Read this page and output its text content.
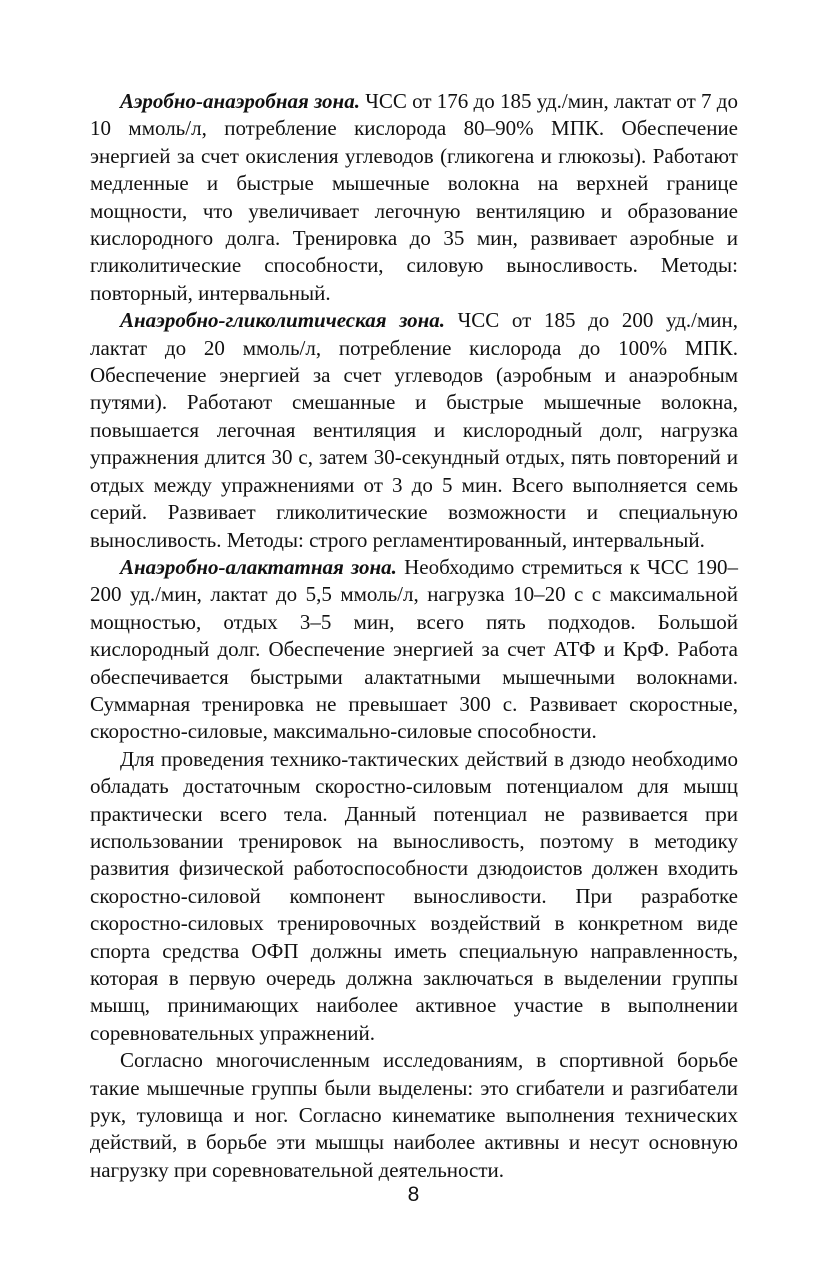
Аэробно-анаэробная зона. ЧСС от 176 до 185 уд./мин, лактат от 7 до 10 ммоль/л, потребление кислорода 80–90% МПК. Обеспечение энергией за счет окисления углеводов (гликогена и глюкозы). Работают медленные и быстрые мышечные волокна на верхней границе мощности, что увеличивает легочную вентиляцию и образование кислородного долга. Тренировка до 35 мин, развивает аэробные и гликолитические способности, силовую выносливость. Методы: повторный, интервальный.

Анаэробно-гликолитическая зона. ЧСС от 185 до 200 уд./мин, лактат до 20 ммоль/л, потребление кислорода до 100% МПК. Обеспечение энергией за счет углеводов (аэробным и анаэробным путями). Работают смешанные и быстрые мышечные волокна, повышается легочная вентиляция и кислородный долг, нагрузка упражнения длится 30 с, затем 30-секундный отдых, пять повторений и отдых между упражнениями от 3 до 5 мин. Всего выполняется семь серий. Развивает гликолитические возможности и специальную выносливость. Методы: строго регламентированный, интервальный.

Анаэробно-алактатная зона. Необходимо стремиться к ЧСС 190–200 уд./мин, лактат до 5,5 ммоль/л, нагрузка 10–20 с с максимальной мощностью, отдых 3–5 мин, всего пять подходов. Большой кислородный долг. Обеспечение энергией за счет АТФ и КрФ. Работа обеспечивается быстрыми алактатными мышечными волокнами. Суммарная тренировка не превышает 300 с. Развивает скоростные, скоростно-силовые, максимально-силовые способности.

Для проведения технико-тактических действий в дзюдо необходимо обладать достаточным скоростно-силовым потенциалом для мышц практически всего тела. Данный потенциал не развивается при использовании тренировок на выносливость, поэтому в методику развития физической работоспособности дзюдоистов должен входить скоростно-силовой компонент выносливости. При разработке скоростно-силовых тренировочных воздействий в конкретном виде спорта средства ОФП должны иметь специальную направленность, которая в первую очередь должна заключаться в выделении группы мышц, принимающих наиболее активное участие в выполнении соревновательных упражнений.

Согласно многочисленным исследованиям, в спортивной борьбе такие мышечные группы были выделены: это сгибатели и разгибатели рук, туловища и ног. Согласно кинематике выполнения технических действий, в борьбе эти мышцы наиболее активны и несут основную нагрузку при соревновательной деятельности.

8
